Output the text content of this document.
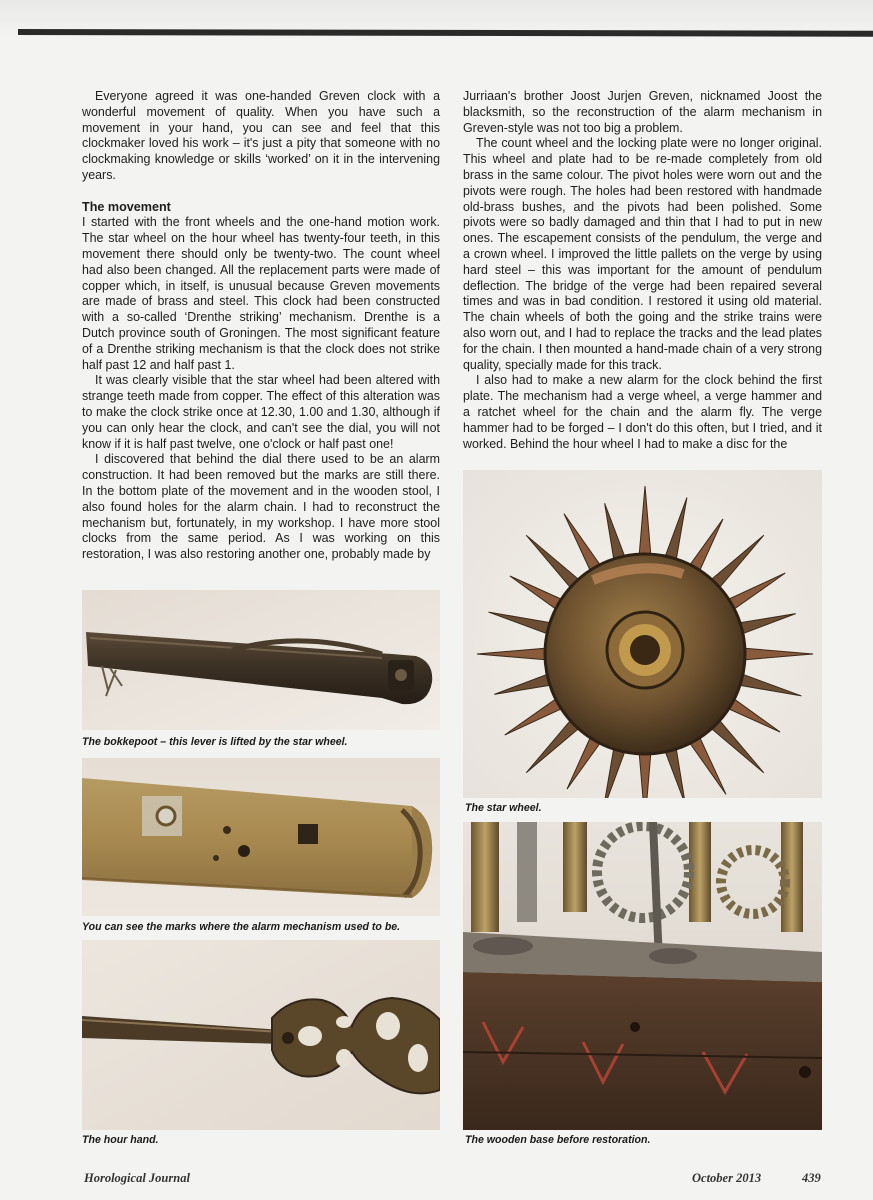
Everyone agreed it was one-handed Greven clock with a wonderful movement of quality. When you have such a movement in your hand, you can see and feel that this clockmaker loved his work – it's just a pity that someone with no clockmaking knowledge or skills ‘worked’ on it in the intervening years.

The movement

I started with the front wheels and the one-hand motion work. The star wheel on the hour wheel has twenty-four teeth, in this movement there should only be twenty-two. The count wheel had also been changed. All the replacement parts were made of copper which, in itself, is unusual because Greven movements are made of brass and steel. This clock had been constructed with a so-called ‘Drenthe striking’ mechanism. Drenthe is a Dutch province south of Groningen. The most significant feature of a Drenthe striking mechanism is that the clock does not strike half past 12 and half past 1.

It was clearly visible that the star wheel had been altered with strange teeth made from copper. The effect of this alteration was to make the clock strike once at 12.30, 1.00 and 1.30, although if you can only hear the clock, and can't see the dial, you will not know if it is half past twelve, one o'clock or half past one!

I discovered that behind the dial there used to be an alarm construction. It had been removed but the marks are still there. In the bottom plate of the movement and in the wooden stool, I also found holes for the alarm chain. I had to reconstruct the mechanism but, fortunately, in my workshop. I have more stool clocks from the same period. As I was working on this restoration, I was also restoring another one, probably made by

Jurriaan's brother Joost Jurjen Greven, nicknamed Joost the blacksmith, so the reconstruction of the alarm mechanism in Greven-style was not too big a problem.

The count wheel and the locking plate were no longer original. This wheel and plate had to be re-made completely from old brass in the same colour. The pivot holes were worn out and the pivots were rough. The holes had been restored with handmade old-brass bushes, and the pivots had been polished. Some pivots were so badly damaged and thin that I had to put in new ones. The escapement consists of the pendulum, the verge and a crown wheel. I improved the little pallets on the verge by using hard steel – this was important for the amount of pendulum deflection. The bridge of the verge had been repaired several times and was in bad condition. I restored it using old material. The chain wheels of both the going and the strike trains were also worn out, and I had to replace the tracks and the lead plates for the chain. I then mounted a hand-made chain of a very strong quality, specially made for this track.

I also had to make a new alarm for the clock behind the first plate. The mechanism had a verge wheel, a verge hammer and a ratchet wheel for the chain and the alarm fly. The verge hammer had to be forged – I don't do this often, but I tried, and it worked. Behind the hour wheel I had to make a disc for the

The bokkepoot – this lever is lifted by the star wheel.
You can see the marks where the alarm mechanism used to be.
The hour hand.
The star wheel.
The wooden base before restoration.
Horological Journal	October 2013	439
